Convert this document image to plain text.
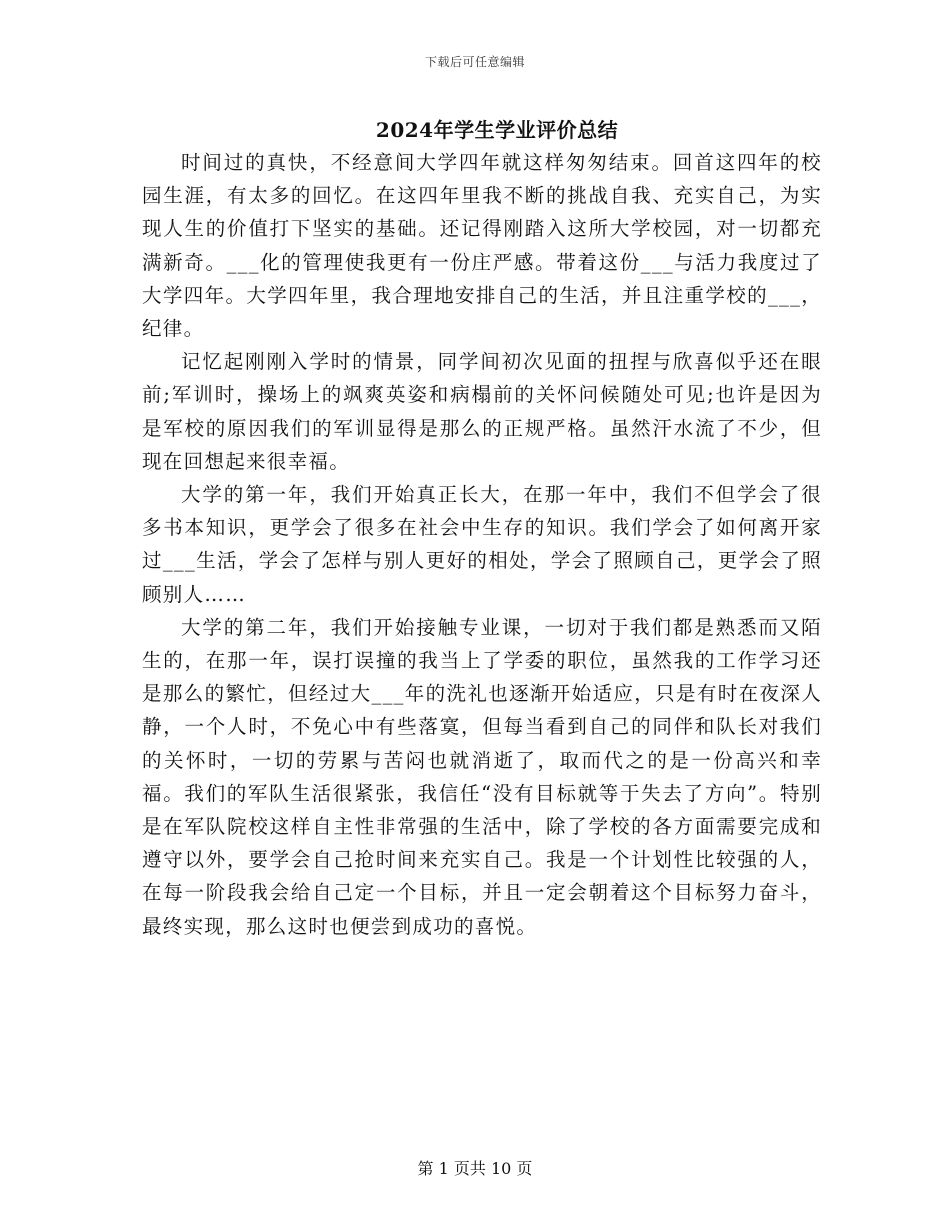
下载后可任意编辑
2024年学生学业评价总结

时间过的真快，不经意间大学四年就这样匆匆结束。回首这四年的校园生涯，有太多的回忆。在这四年里我不断的挑战自我、充实自己，为实现人生的价值打下坚实的基础。还记得刚踏入这所大学校园，对一切都充满新奇。___化的管理使我更有一份庄严感。带着这份___与活力我度过了大学四年。大学四年里，我合理地安排自己的生活，并且注重学校的___，纪律。

记忆起刚刚入学时的情景，同学间初次见面的扭捏与欣喜似乎还在眼前;军训时，操场上的飒爽英姿和病榻前的关怀问候随处可见;也许是因为是军校的原因我们的军训显得是那么的正规严格。虽然汗水流了不少，但现在回想起来很幸福。

大学的第一年，我们开始真正长大，在那一年中，我们不但学会了很多书本知识，更学会了很多在社会中生存的知识。我们学会了如何离开家过___生活，学会了怎样与别人更好的相处，学会了照顾自己，更学会了照顾别人……

大学的第二年，我们开始接触专业课，一切对于我们都是熟悉而又陌生的，在那一年，误打误撞的我当上了学委的职位，虽然我的工作学习还是那么的繁忙，但经过大___年的洗礼也逐渐开始适应，只是有时在夜深人静，一个人时，不免心中有些落寞，但每当看到自己的同伴和队长对我们的关怀时，一切的劳累与苦闷也就消逝了，取而代之的是一份高兴和幸福。我们的军队生活很紧张，我信任“没有目标就等于失去了方向”。特别是在军队院校这样自主性非常强的生活中，除了学校的各方面需要完成和遵守以外，要学会自己抢时间来充实自己。我是一个计划性比较强的人，在每一阶段我会给自己定一个目标，并且一定会朝着这个目标努力奋斗，最终实现，那么这时也便尝到成功的喜悦。

第 1 页共 10 页
